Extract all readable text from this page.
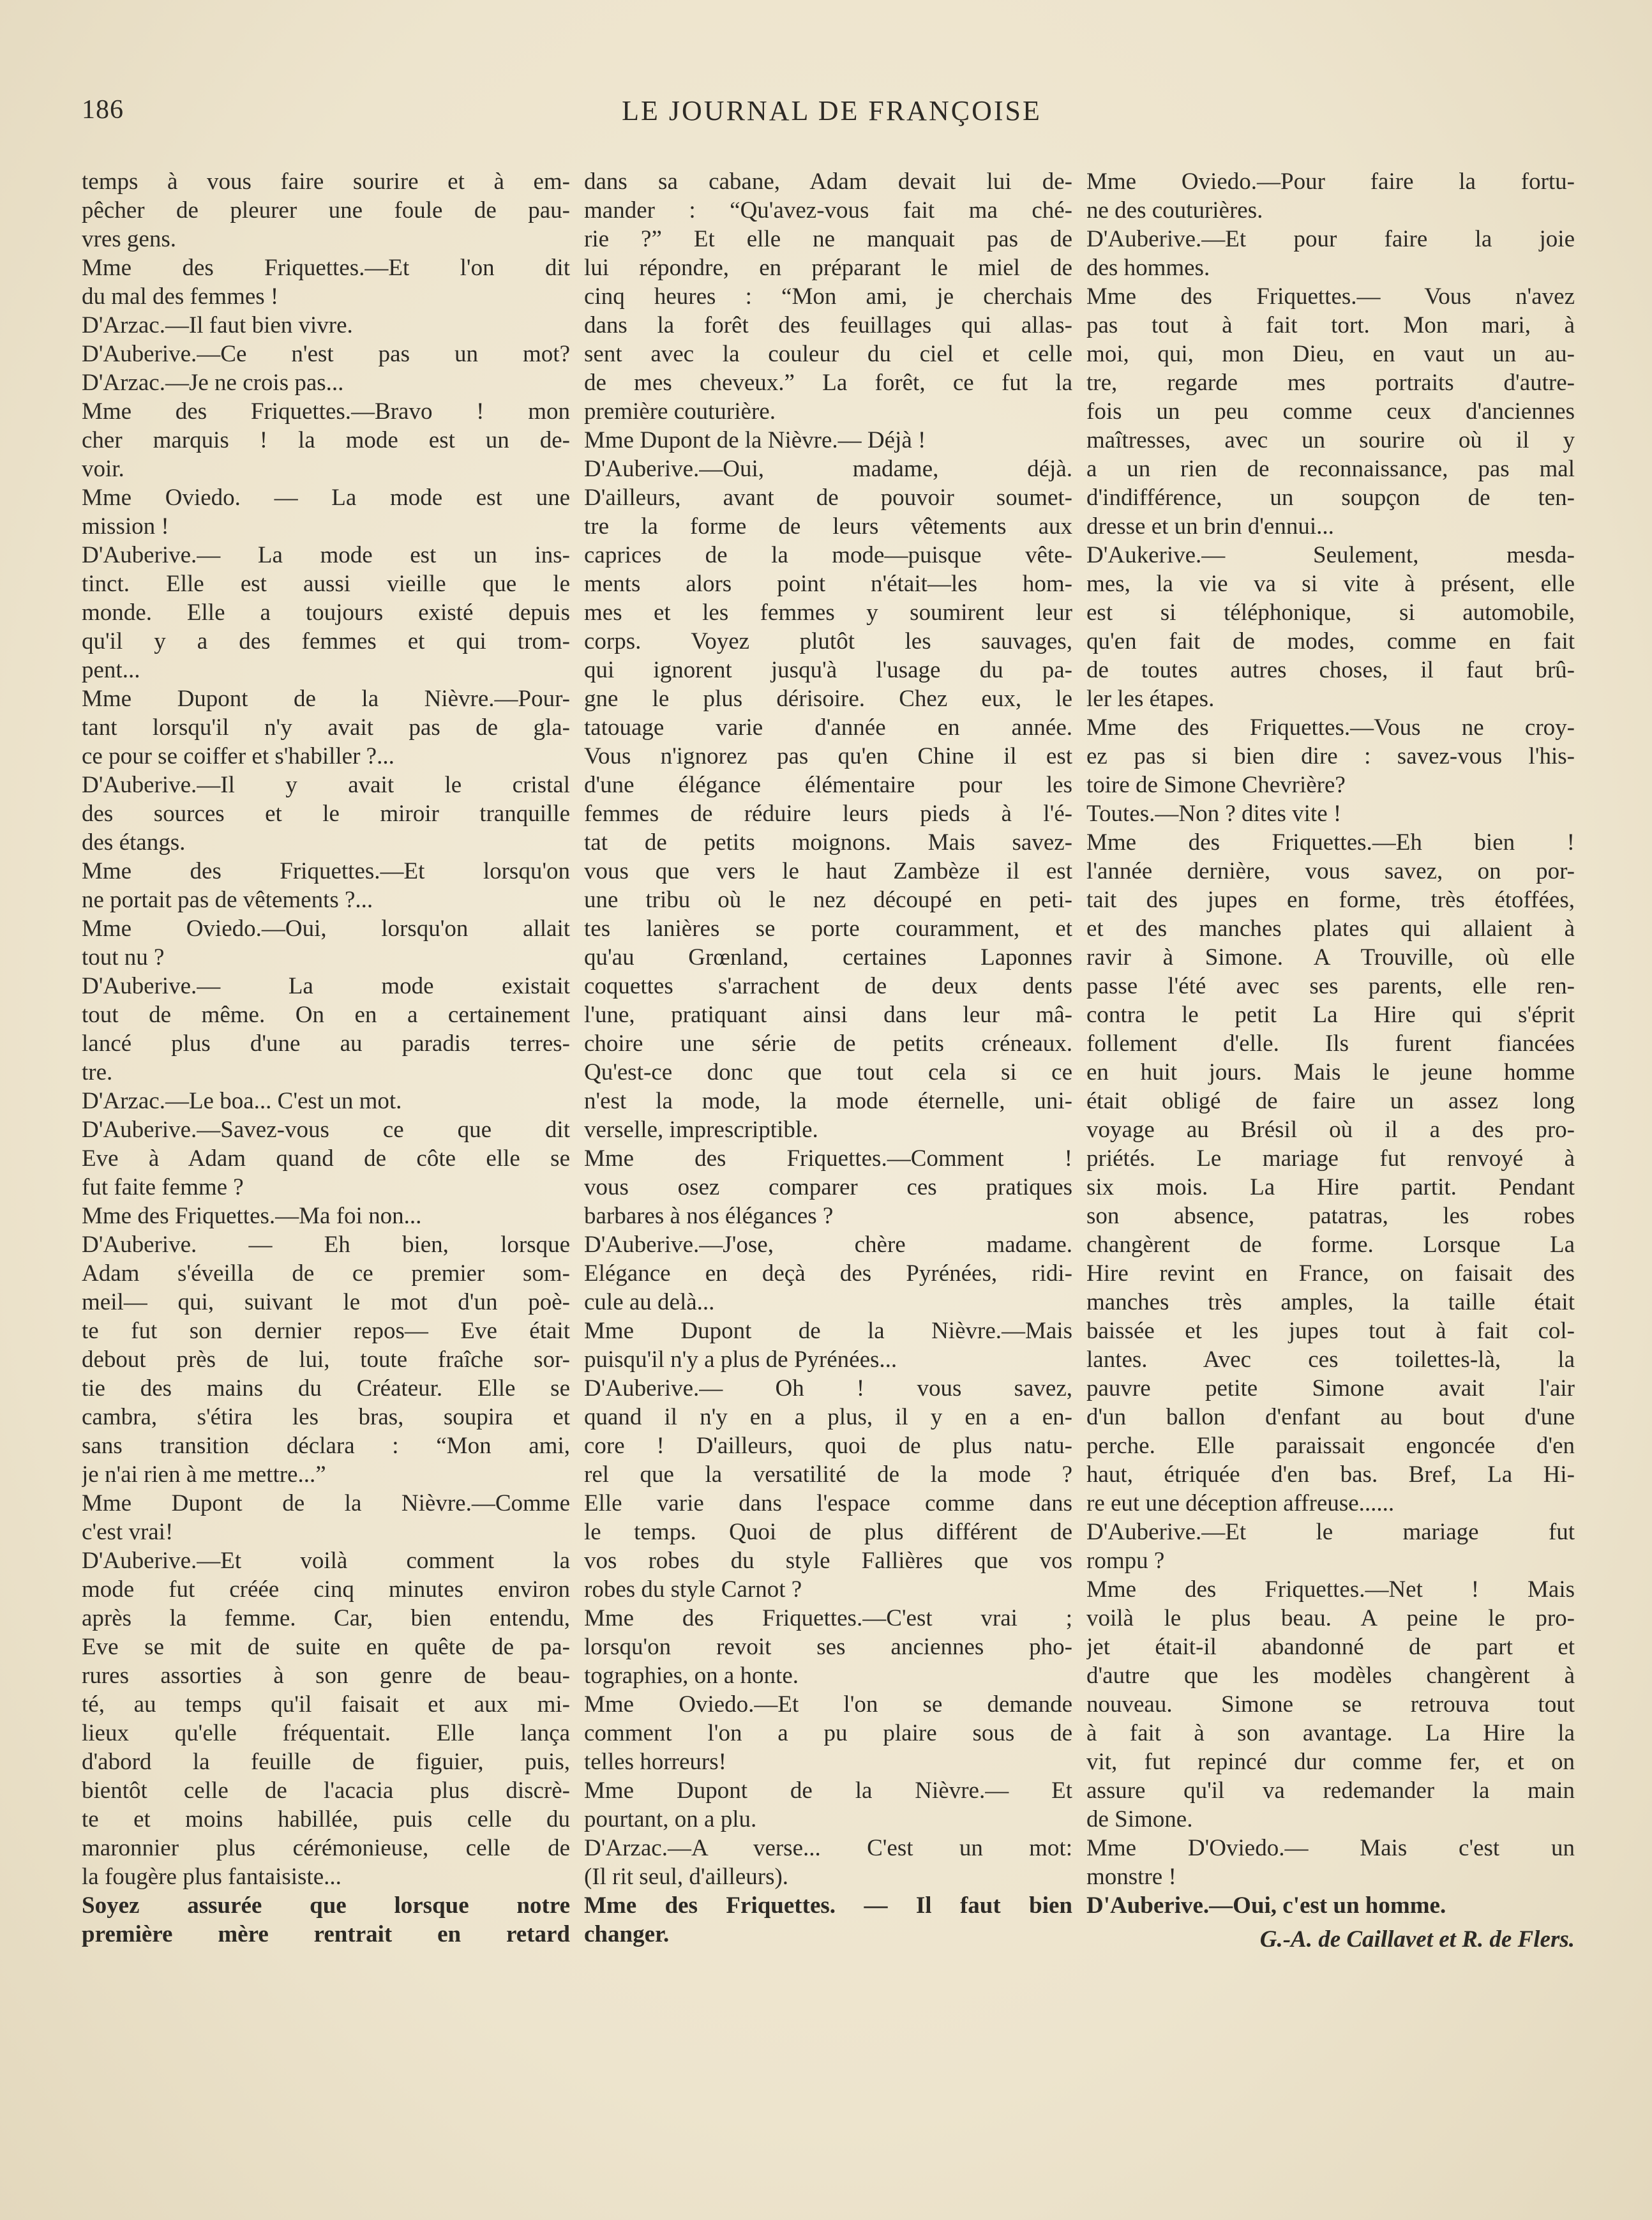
186	LE JOURNAL DE FRANÇOISE
temps à vous faire sourire et à em-
pêcher de pleurer une foule de pau-
vres gens.
Mme des Friquettes.—Et l'on dit
du mal des femmes !
D'Arzac.—Il faut bien vivre.
D'Auberive.—Ce n'est pas un mot?
D'Arzac.—Je ne crois pas...
Mme des Friquettes.—Bravo ! mon
cher marquis ! la mode est un de-
voir.
Mme Oviedo. — La mode est une
mission !
D'Auberive.— La mode est un ins-
tinct. Elle est aussi vieille que le
monde. Elle a toujours existé depuis
qu'il y a des femmes et qui trom-
pent...
Mme Dupont de la Nièvre.—Pour-
tant lorsqu'il n'y avait pas de gla-
ce pour se coiffer et s'habiller ?...
D'Auberive.—Il y avait le cristal
des sources et le miroir tranquille
des étangs.
Mme des Friquettes.—Et lorsqu'on
ne portait pas de vêtements ?...
Mme Oviedo.—Oui, lorsqu'on allait
tout nu ?
D'Auberive.— La mode existait
tout de même. On en a certainement
lancé plus d'une au paradis terres-
tre.
D'Arzac.—Le boa... C'est un mot.
D'Auberive.—Savez-vous ce que dit
Eve à Adam quand de côte elle se
fut faite femme ?
Mme des Friquettes.—Ma foi non...
D'Auberive. — Eh bien, lorsque
Adam s'éveilla de ce premier som-
meil— qui, suivant le mot d'un poè-
te fut son dernier repos— Eve était
debout près de lui, toute fraîche sor-
tie des mains du Créateur. Elle se
cambra, s'étira les bras, soupira et
sans transition déclara : “Mon ami,
je n'ai rien à me mettre...”
Mme Dupont de la Nièvre.—Comme
c'est vrai!
D'Auberive.—Et voilà comment la
mode fut créée cinq minutes environ
après la femme. Car, bien entendu,
Eve se mit de suite en quête de pa-
rures assorties à son genre de beau-
té, au temps qu'il faisait et aux mi-
lieux qu'elle fréquentait. Elle lança
d'abord la feuille de figuier, puis,
bientôt celle de l'acacia plus discrè-
te et moins habillée, puis celle du
maronnier plus cérémonieuse, celle de
la fougère plus fantaisiste...
Soyez assurée que lorsque notre
première mère rentrait en retard
dans sa cabane, Adam devait lui de-
mander : “Qu'avez-vous fait ma ché-
rie ?” Et elle ne manquait pas de
lui répondre, en préparant le miel de
cinq heures : “Mon ami, je cherchais
dans la forêt des feuillages qui allas-
sent avec la couleur du ciel et celle
de mes cheveux.” La forêt, ce fut la
première couturière.
Mme Dupont de la Nièvre.— Déjà !
D'Auberive.—Oui, madame, déjà.
D'ailleurs, avant de pouvoir soumet-
tre la forme de leurs vêtements aux
caprices de la mode—puisque vête-
ments alors point n'était—les hom-
mes et les femmes y soumirent leur
corps. Voyez plutôt les sauvages,
qui ignorent jusqu'à l'usage du pa-
gne le plus dérisoire. Chez eux, le
tatouage varie d'année en année.
Vous n'ignorez pas qu'en Chine il est
d'une élégance élémentaire pour les
femmes de réduire leurs pieds à l'é-
tat de petits moignons. Mais savez-
vous que vers le haut Zambèze il est
une tribu où le nez découpé en peti-
tes lanières se porte couramment, et
qu'au Grœnland, certaines Laponnes
coquettes s'arrachent de deux dents
l'une, pratiquant ainsi dans leur mâ-
choire une série de petits créneaux.
Qu'est-ce donc que tout cela si ce
n'est la mode, la mode éternelle, uni-
verselle, imprescriptible.
Mme des Friquettes.—Comment !
vous osez comparer ces pratiques
barbares à nos élégances ?
D'Auberive.—J'ose, chère madame.
Elégance en deçà des Pyrénées, ridi-
cule au delà...
Mme Dupont de la Nièvre.—Mais
puisqu'il n'y a plus de Pyrénées...
D'Auberive.— Oh ! vous savez,
quand il n'y en a plus, il y en a en-
core ! D'ailleurs, quoi de plus natu-
rel que la versatilité de la mode ?
Elle varie dans l'espace comme dans
le temps. Quoi de plus différent de
vos robes du style Fallières que vos
robes du style Carnot ?
Mme des Friquettes.—C'est vrai ;
lorsqu'on revoit ses anciennes pho-
tographies, on a honte.
Mme Oviedo.—Et l'on se demande
comment l'on a pu plaire sous de
telles horreurs!
Mme Dupont de la Nièvre.— Et
pourtant, on a plu.
D'Arzac.—A verse... C'est un mot:
(Il rit seul, d'ailleurs).
Mme des Friquettes. — Il faut bien
changer.
Mme Oviedo.—Pour faire la fortu-
ne des couturières.
D'Auberive.—Et pour faire la joie
des hommes.
Mme des Friquettes.— Vous n'avez
pas tout à fait tort. Mon mari, à
moi, qui, mon Dieu, en vaut un au-
tre, regarde mes portraits d'autre-
fois un peu comme ceux d'anciennes
maîtresses, avec un sourire où il y
a un rien de reconnaissance, pas mal
d'indifférence, un soupçon de ten-
dresse et un brin d'ennui...
D'Aukerive.— Seulement, mesda-
mes, la vie va si vite à présent, elle
est si téléphonique, si automobile,
qu'en fait de modes, comme en fait
de toutes autres choses, il faut brû-
ler les étapes.
Mme des Friquettes.—Vous ne croy-
ez pas si bien dire : savez-vous l'his-
toire de Simone Chevrière?
Toutes.—Non ? dites vite !
Mme des Friquettes.—Eh bien !
l'année dernière, vous savez, on por-
tait des jupes en forme, très étoffées,
et des manches plates qui allaient à
ravir à Simone. A Trouville, où elle
passe l'été avec ses parents, elle ren-
contra le petit La Hire qui s'éprit
follement d'elle. Ils furent fiancées
en huit jours. Mais le jeune homme
était obligé de faire un assez long
voyage au Brésil où il a des pro-
priétés. Le mariage fut renvoyé à
six mois. La Hire partit. Pendant
son absence, patatras, les robes
changèrent de forme. Lorsque La
Hire revint en France, on faisait des
manches très amples, la taille était
baissée et les jupes tout à fait col-
lantes. Avec ces toilettes-là, la
pauvre petite Simone avait l'air
d'un ballon d'enfant au bout d'une
perche. Elle paraissait engoncée d'en
haut, étriquée d'en bas. Bref, La Hi-
re eut une déception affreuse......
D'Auberive.—Et le mariage fut
rompu ?
Mme des Friquettes.—Net ! Mais
voilà le plus beau. A peine le pro-
jet était-il abandonné de part et
d'autre que les modèles changèrent à
nouveau. Simone se retrouva tout
à fait à son avantage. La Hire la
vit, fut repincé dur comme fer, et on
assure qu'il va redemander la main
de Simone.
Mme D'Oviedo.— Mais c'est un
monstre !
D'Auberive.—Oui, c'est un homme.
G.-A. de Caillavet et R. de Flers.
